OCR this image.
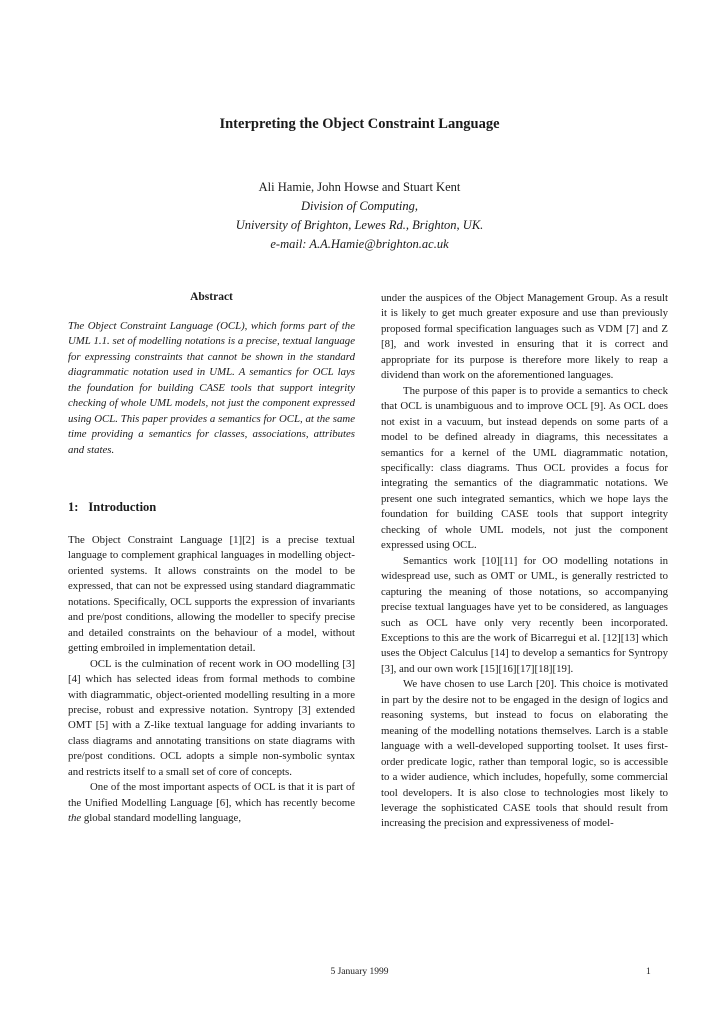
Interpreting the Object Constraint Language
Ali Hamie, John Howse and Stuart Kent
Division of Computing,
University of Brighton, Lewes Rd., Brighton, UK.
e-mail: A.A.Hamie@brighton.ac.uk
Abstract

The Object Constraint Language (OCL), which forms part of the UML 1.1. set of modelling notations is a precise, textual language for expressing constraints that cannot be shown in the standard diagrammatic notation used in UML. A semantics for OCL lays the foundation for building CASE tools that support integrity checking of whole UML models, not just the component expressed using OCL. This paper provides a semantics for OCL, at the same time providing a semantics for classes, associations, attributes and states.

1: Introduction

The Object Constraint Language [1][2] is a precise textual language to complement graphical languages in modelling object-oriented systems. It allows constraints on the model to be expressed, that can not be expressed using standard diagrammatic notations. Specifically, OCL supports the expression of invariants and pre/post conditions, allowing the modeller to specify precise and detailed constraints on the behaviour of a model, without getting embroiled in implementation detail.

OCL is the culmination of recent work in OO modelling [3][4] which has selected ideas from formal methods to combine with diagrammatic, object-oriented modelling resulting in a more precise, robust and expressive notation. Syntropy [3] extended OMT [5] with a Z-like textual language for adding invariants to class diagrams and annotating transitions on state diagrams with pre/post conditions. OCL adopts a simple non-symbolic syntax and restricts itself to a small set of core of concepts.

One of the most important aspects of OCL is that it is part of the Unified Modelling Language [6], which has recently become the global standard modelling language,

under the auspices of the Object Management Group. As a result it is likely to get much greater exposure and use than previously proposed formal specification languages such as VDM [7] and Z [8], and work invested in ensuring that it is correct and appropriate for its purpose is therefore more likely to reap a dividend than work on the aforementioned languages.

The purpose of this paper is to provide a semantics to check that OCL is unambiguous and to improve OCL [9]. As OCL does not exist in a vacuum, but instead depends on some parts of a model to be defined already in diagrams, this necessitates a semantics for a kernel of the UML diagrammatic notation, specifically: class diagrams. Thus OCL provides a focus for integrating the semantics of the diagrammatic notations. We present one such integrated semantics, which we hope lays the foundation for building CASE tools that support integrity checking of whole UML models, not just the component expressed using OCL.

Semantics work [10][11] for OO modelling notations in widespread use, such as OMT or UML, is generally restricted to capturing the meaning of those notations, so accompanying precise textual languages have yet to be considered, as languages such as OCL have only very recently been incorporated. Exceptions to this are the work of Bicarregui et al. [12][13] which uses the Object Calculus [14] to develop a semantics for Syntropy [3], and our own work [15][16][17][18][19].

We have chosen to use Larch [20]. This choice is motivated in part by the desire not to be engaged in the design of logics and reasoning systems, but instead to focus on elaborating the meaning of the modelling notations themselves. Larch is a stable language with a well-developed supporting toolset. It uses first-order predicate logic, rather than temporal logic, so is accessible to a wider audience, which includes, hopefully, some commercial tool developers. It is also close to technologies most likely to leverage the sophisticated CASE tools that should result from increasing the precision and expressiveness of model-

5 January 1999	1
